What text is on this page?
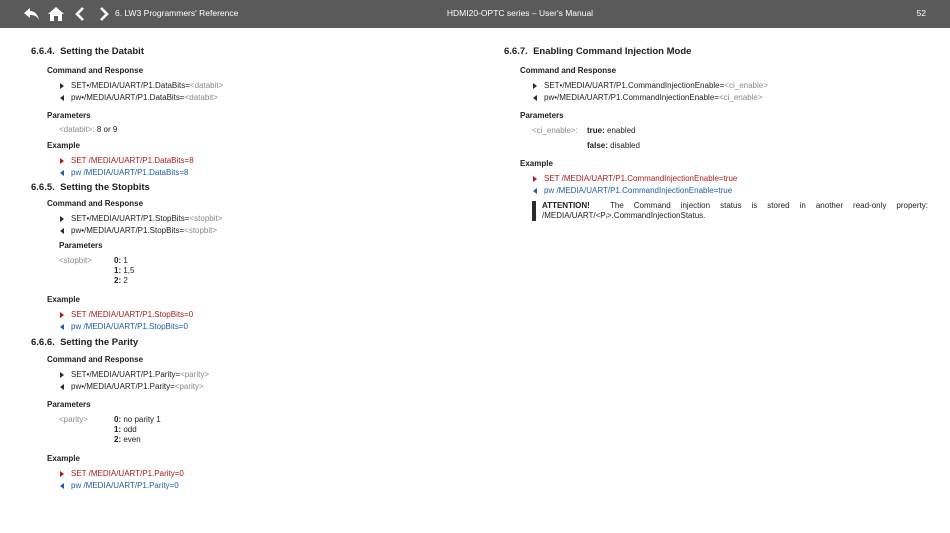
6. LW3 Programmers' Reference	HDMI20-OPTC series – User's Manual	52
6.6.4. Setting the Databit
Command and Response
SET•/MEDIA/UART/P1.DataBits= <databit>
pw•/MEDIA/UART/P1.DataBits= <databit>
Parameters
<databit>:
8 or 9
Example
SET /MEDIA/UART/P1.DataBits=8
pw /MEDIA/UART/P1.DataBits=8
6.6.5. Setting the Stopbits
Command and Response
SET•/MEDIA/UART/P1.StopBits= <stopbit>
pw•/MEDIA/UART/P1.StopBits= <stopbit>
Parameters
<stopbit>	0: 1
1: 1,5
2: 2
Example
SET /MEDIA/UART/P1.StopBits=0
pw /MEDIA/UART/P1.StopBits=0
6.6.6. Setting the Parity
Command and Response
SET•/MEDIA/UART/P1.Parity= <parity>
pw•/MEDIA/UART/P1.Parity= <parity>
Parameters
<parity>	0: no parity 1
1: odd
2: even
Example
SET /MEDIA/UART/P1.Parity=0
pw /MEDIA/UART/P1.Parity=0
6.6.7. Enabling Command Injection Mode
Command and Response
SET•/MEDIA/UART/P1.CommandInjectionEnable= <ci_enable>
pw•/MEDIA/UART/P1.CommandInjectionEnable= <ci_enable>
Parameters
<ci_enable>:	true: enabled
false: disabled
Example
SET /MEDIA/UART/P1.CommandInjectionEnable=true
pw /MEDIA/UART/P1.CommandInjectionEnable=true
ATTENTION!	The Command injection status is stored in another read-only property: /MEDIA/UART/<Pᵢ>.CommandInjectionStatus.
